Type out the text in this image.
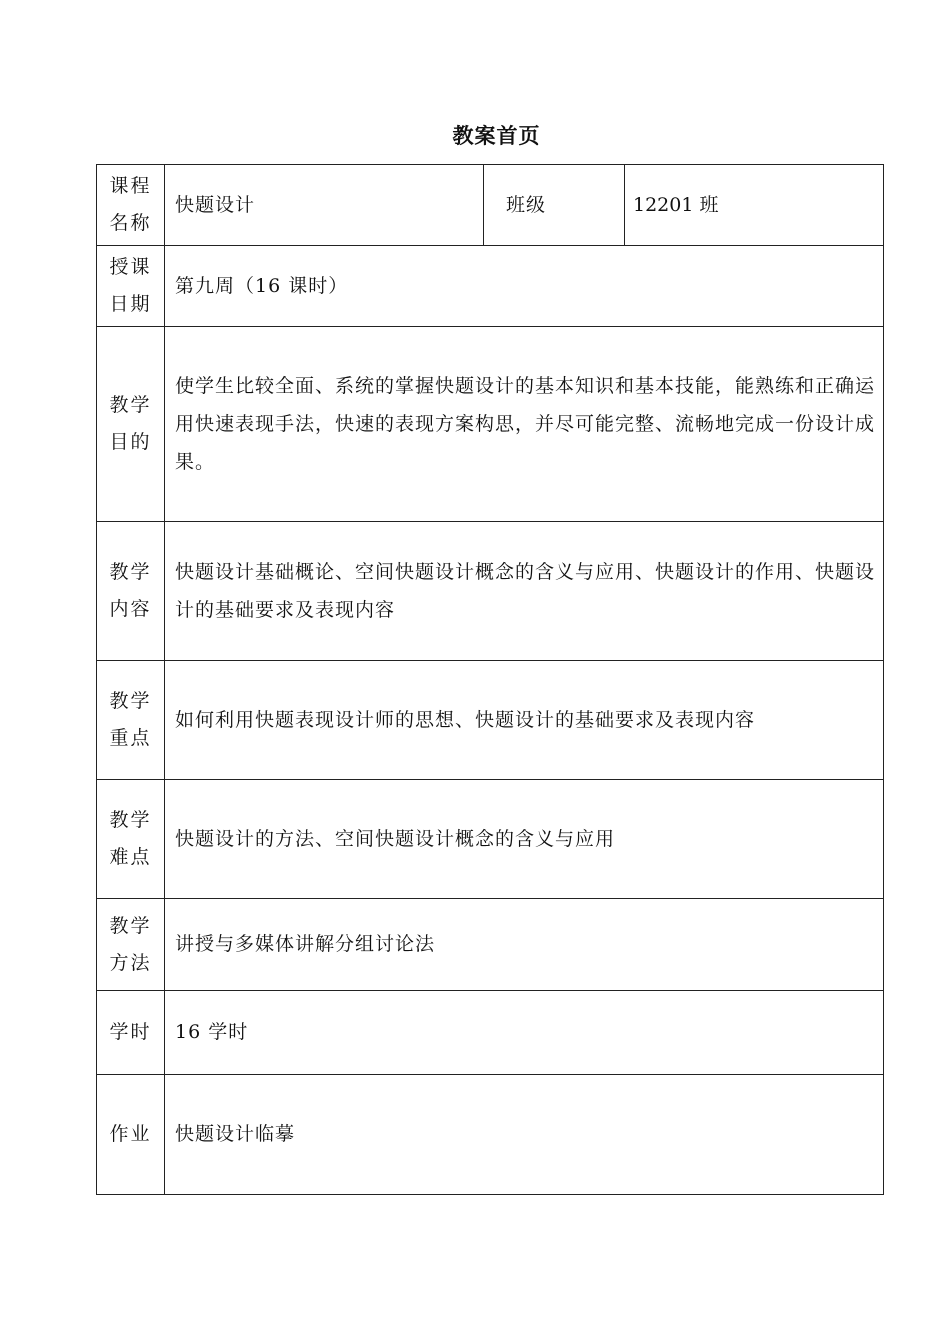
教案首页
课程名称	快题设计	班级	12201 班
授课日期	第九周（16 课时）		

教学目的	使学生比较全面、系统的掌握快题设计的基本知识和基本技能，能熟练和正确运用快速表现手法，快速的表现方案构思，并尽可能完整、流畅地完成一份设计成果。		

教学内容	快题设计基础概论、空间快题设计概念的含义与应用、快题设计的作用、快题设计的基础要求及表现内容		

教学重点	如何利用快题表现设计师的思想、快题设计的基础要求及表现内容		

教学难点	快题设计的方法、空间快题设计概念的含义与应用		

教学方法	讲授与多媒体讲解分组讨论法		

学时	16 学时		

作业	快题设计临摹		
